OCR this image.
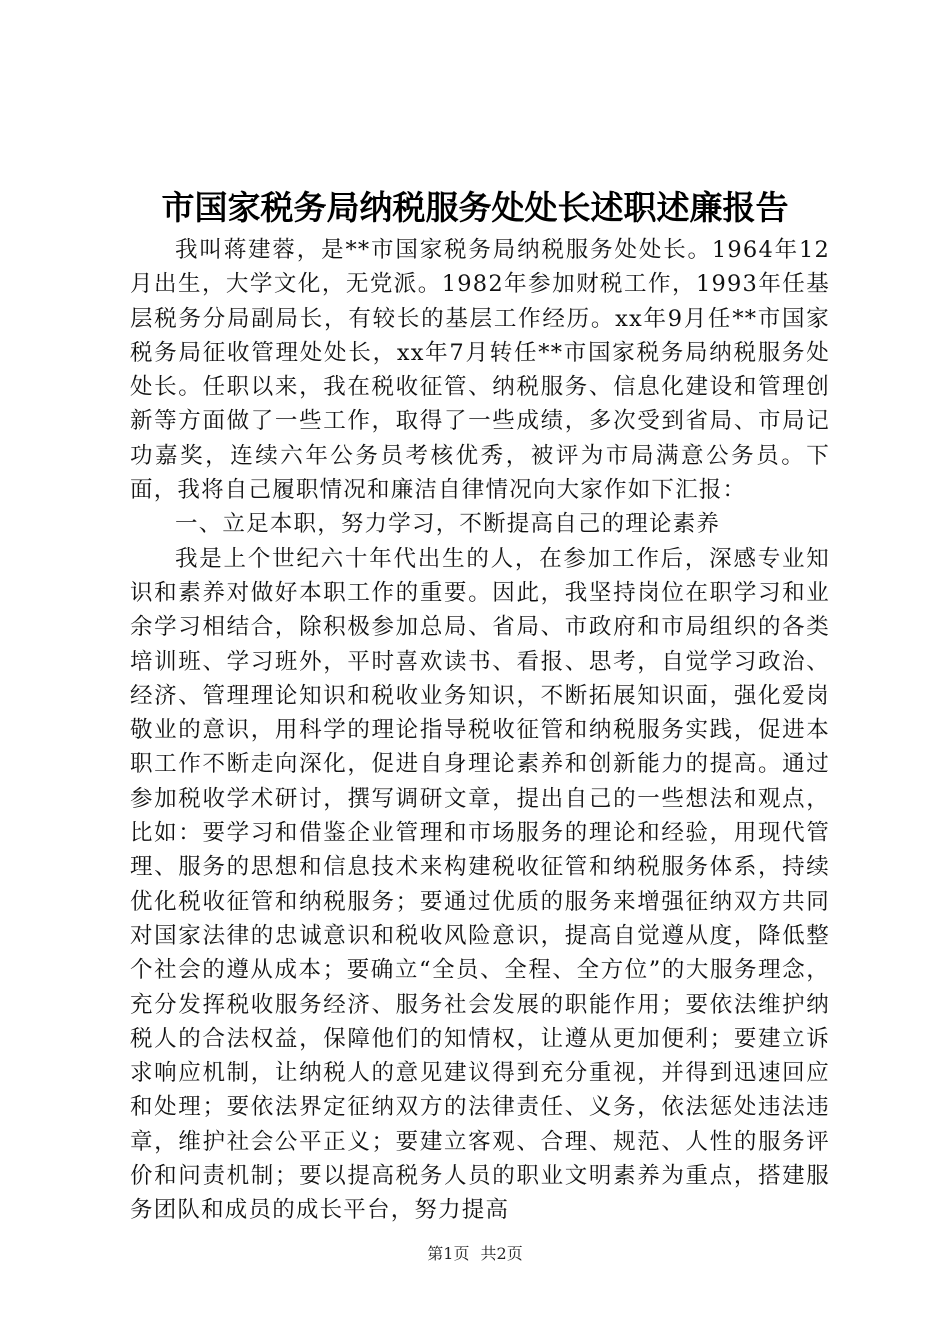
市国家税务局纳税服务处处长述职述廉报告

我叫蒋建蓉，是**市国家税务局纳税服务处处长。1964年12月出生，大学文化，无党派。1982年参加财税工作，1993年任基层税务分局副局长，有较长的基层工作经历。xx年9月任**市国家税务局征收管理处处长，xx年7月转任**市国家税务局纳税服务处处长。任职以来，我在税收征管、纳税服务、信息化建设和管理创新等方面做了一些工作，取得了一些成绩，多次受到省局、市局记功嘉奖，连续六年公务员考核优秀，被评为市局满意公务员。下面，我将自己履职情况和廉洁自律情况向大家作如下汇报：

一、立足本职，努力学习，不断提高自己的理论素养

我是上个世纪六十年代出生的人，在参加工作后，深感专业知识和素养对做好本职工作的重要。因此，我坚持岗位在职学习和业余学习相结合，除积极参加总局、省局、市政府和市局组织的各类培训班、学习班外，平时喜欢读书、看报、思考，自觉学习政治、经济、管理理论知识和税收业务知识，不断拓展知识面，强化爱岗敬业的意识，用科学的理论指导税收征管和纳税服务实践，促进本职工作不断走向深化，促进自身理论素养和创新能力的提高。通过参加税收学术研讨，撰写调研文章，提出自己的一些想法和观点，比如：要学习和借鉴企业管理和市场服务的理论和经验，用现代管理、服务的思想和信息技术来构建税收征管和纳税服务体系，持续优化税收征管和纳税服务；要通过优质的服务来增强征纳双方共同对国家法律的忠诚意识和税收风险意识，提高自觉遵从度，降低整个社会的遵从成本；要确立“全员、全程、全方位”的大服务理念，充分发挥税收服务经济、服务社会发展的职能作用；要依法维护纳税人的合法权益，保障他们的知情权，让遵从更加便利；要建立诉求响应机制，让纳税人的意见建议得到充分重视，并得到迅速回应和处理；要依法界定征纳双方的法律责任、义务，依法惩处违法违章，维护社会公平正义；要建立客观、合理、规范、人性的服务评价和问责机制；要以提高税务人员的职业文明素养为重点，搭建服务团队和成员的成长平台，努力提高

第1页 共2页
